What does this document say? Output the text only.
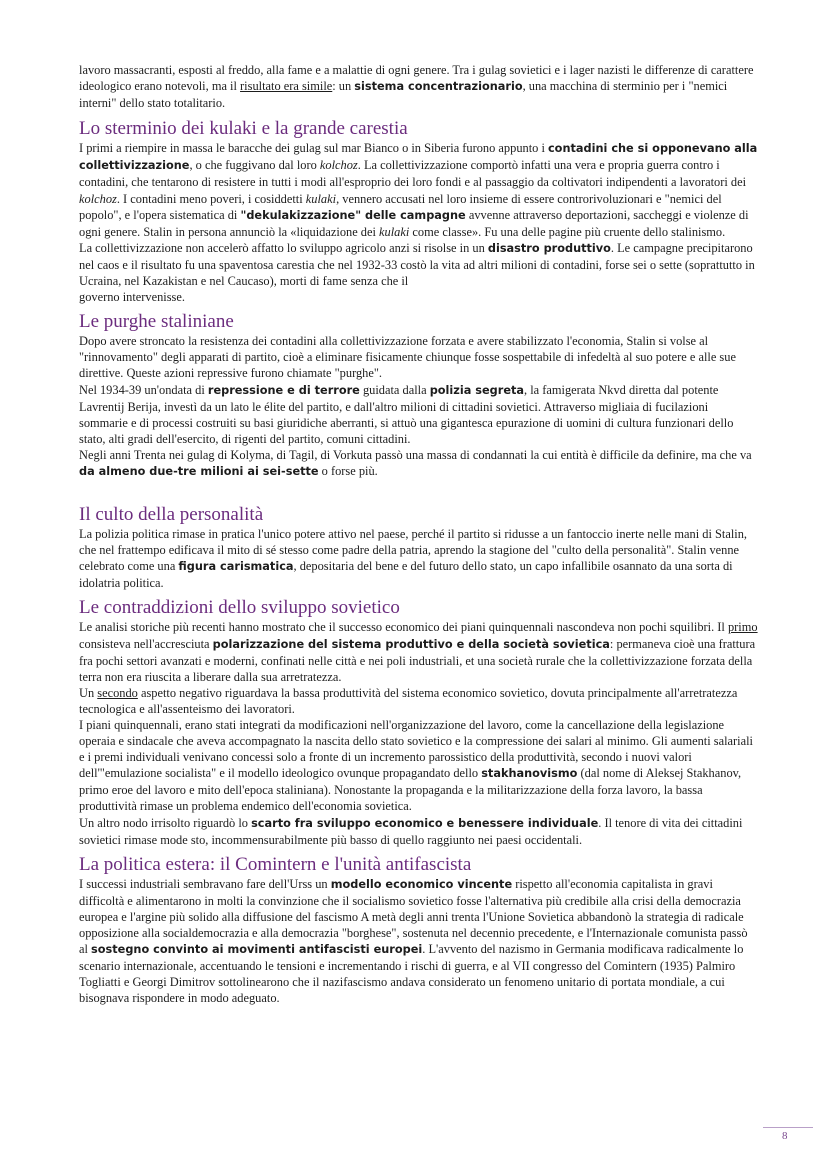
lavoro massacranti, esposti al freddo, alla fame e a malattie di ogni genere. Tra i gulag sovietici e i lager nazisti le differenze di carattere ideologico erano notevoli, ma il risultato era simile: un sistema concentrazionario, una macchina di sterminio per i "nemici interni" dello stato totalitario.

Lo sterminio dei kulaki e la grande carestia

I primi a riempire in massa le baracche dei gulag sul mar Bianco o in Siberia furono appunto i contadini che si opponevano alla collettivizzazione, o che fuggivano dal loro kolchoz. La collettivizzazione comportò infatti una vera e propria guerra contro i contadini, che tentarono di resistere in tutti i modi all'esproprio dei loro fondi e al passaggio da coltivatori indipendenti a lavoratori dei kolchoz. I contadini meno poveri, i cosiddetti kulaki, vennero accusati nel loro insieme di essere controrivoluzionari e "nemici del popolo", e l'opera sistematica di "dekulakizzazione" delle campagne avvenne attraverso deportazioni, saccheggi e violenze di ogni genere. Stalin in persona annunciò la «liquidazione dei kulaki come classe». Fu una delle pagine più cruente dello stalinismo.

La collettivizzazione non accelerò affatto lo sviluppo agricolo anzi si risolse in un disastro produttivo. Le campagne precipitarono nel caos e il risultato fu una spaventosa carestia che nel 1932-33 costò la vita ad altri milioni di contadini, forse sei o sette (soprattutto in Ucraina, nel Kazakistan e nel Caucaso), morti di fame senza che il
governo intervenisse.

Le purghe staliniane

Dopo avere stroncato la resistenza dei contadini alla collettivizzazione forzata e avere stabilizzato l'economia, Stalin si volse al "rinnovamento" degli apparati di partito, cioè a eliminare fisicamente chiunque fosse sospettabile di infedeltà al suo potere e alle sue direttive. Queste azioni repressive furono chiamate "purghe".

Nel 1934-39 un'ondata di repressione e di terrore guidata dalla polizia segreta, la famigerata Nkvd diretta dal potente Lavrentij Berija, investì da un lato le élite del partito, e dall'altro milioni di cittadini sovietici. Attraverso migliaia di fucilazioni sommarie e di processi costruiti su basi giuridiche aberranti, si attuò una gigantesca epurazione di uomini di cultura funzionari dello stato, alti gradi dell'esercito, di rigenti del partito, comuni cittadini.

Negli anni Trenta nei gulag di Kolyma, di Tagil, di Vorkuta passò una massa di condannati la cui entità è difficile da definire, ma che va da almeno due-tre milioni ai sei-sette o forse più.

Il culto della personalità

La polizia politica rimase in pratica l'unico potere attivo nel paese, perché il partito si ridusse a un fantoccio inerte nelle mani di Stalin, che nel frattempo edificava il mito di sé stesso come padre della patria, aprendo la stagione del "culto della personalità". Stalin venne celebrato come una figura carismatica, depositaria del bene e del futuro dello stato, un capo infallibile osannato da una sorta di idolatria politica.

Le contraddizioni dello sviluppo sovietico

Le analisi storiche più recenti hanno mostrato che il successo economico dei piani quinquennali nascondeva non pochi squilibri. Il primo consisteva nell'accresciuta polarizzazione del sistema produttivo e della società sovietica: permaneva cioè una frattura fra pochi settori avanzati e moderni, confinati nelle città e nei poli industriali, et una società rurale che la collettivizzazione forzata della terra non era riuscita a liberare dalla sua arretratezza.

Un secondo aspetto negativo riguardava la bassa produttività del sistema economico sovietico, dovuta principalmente all'arretratezza tecnologica e all'assenteismo dei lavoratori.

I piani quinquennali, erano stati integrati da modificazioni nell'organizzazione del lavoro, come la cancellazione della legislazione operaia e sindacale che aveva accompagnato la nascita dello stato sovietico e la compressione dei salari al minimo. Gli aumenti salariali e i premi individuali venivano concessi solo a fronte di un incremento parossistico della produttività, secondo i nuovi valori dell'"emulazione socialista" e il modello ideologico ovunque propagandato dello stakhanovismo (dal nome di Aleksej Stakhanov, primo eroe del lavoro e mito dell'epoca staliniana). Nonostante la propaganda e la militarizzazione della forza lavoro, la bassa produttività rimase un problema endemico dell'economia sovietica.

Un altro nodo irrisolto riguardò lo scarto fra sviluppo economico e benessere individuale. Il tenore di vita dei cittadini sovietici rimase mode sto, incommensurabilmente più basso di quello raggiunto nei paesi occidentali.

La politica estera: il Comintern e l'unità antifascista

I successi industriali sembravano fare dell'Urss un modello economico vincente rispetto all'economia capitalista in gravi difficoltà e alimentarono in molti la convinzione che il socialismo sovietico fosse l'alternativa più credibile alla crisi della democrazia europea e l'argine più solido alla diffusione del fascismo A metà degli anni trenta l'Unione Sovietica abbandonò la strategia di radicale opposizione alla socialdemocrazia e alla democrazia "borghese", sostenuta nel decennio precedente, e l'Internazionale comunista passò al sostegno convinto ai movimenti antifascisti europei. L'avvento del nazismo in Germania modificava radicalmente lo scenario internazionale, accentuando le tensioni e incrementando i rischi di guerra, e al VII congresso del Comintern (1935) Palmiro Togliatti e Georgi Dimitrov sottolinearono che il nazifascismo andava considerato un fenomeno unitario di portata mondiale, a cui bisognava rispondere in modo adeguato.

8
